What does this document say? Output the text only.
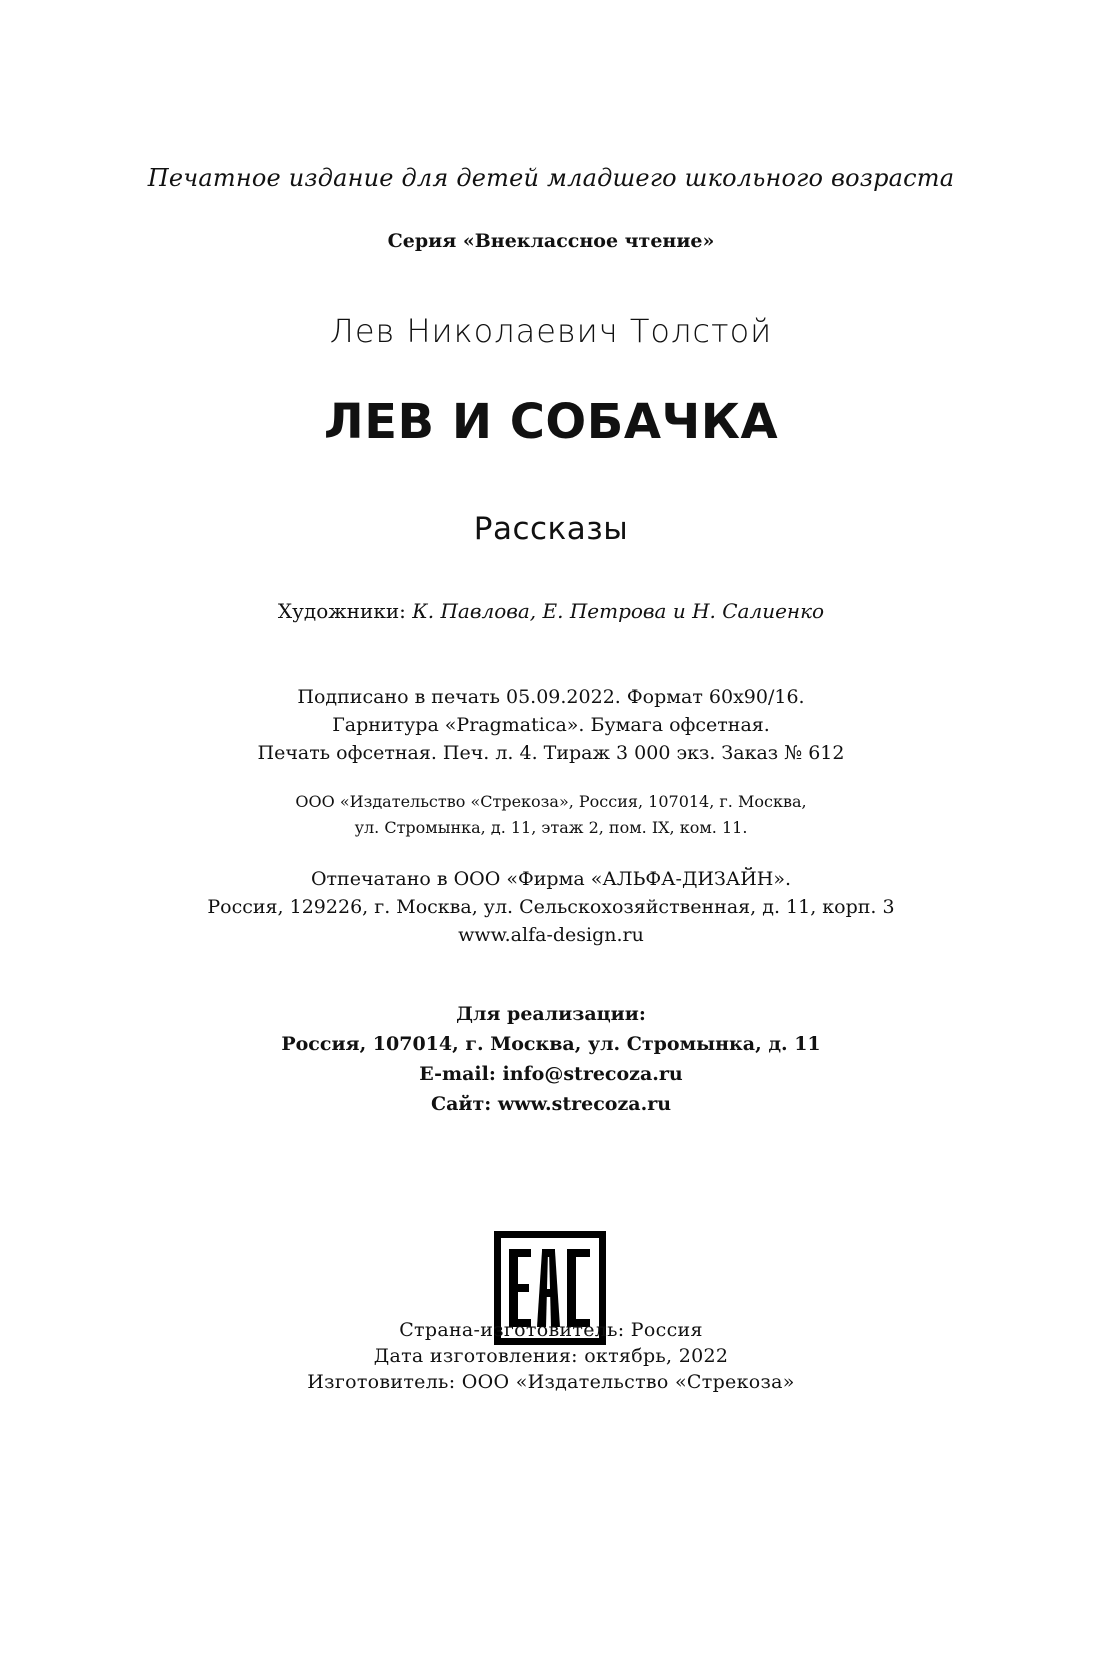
Печатное издание для детей младшего школьного возраста
Серия «Внеклассное чтение»
Лев Николаевич Толстой
ЛЕВ И СОБАЧКА
Рассказы
Художники: К. Павлова, Е. Петрова и Н. Салиенко
Подписано в печать 05.09.2022. Формат 60х90/16.
Гарнитура «Pragmatica». Бумага офсетная.
Печать офсетная. Печ. л. 4. Тираж 3 000 экз. Заказ № 612
ООО «Издательство «Стрекоза», Россия, 107014, г. Москва,
ул. Стромынка, д. 11, этаж 2, пом. IX, ком. 11.
Отпечатано в ООО «Фирма «АЛЬФА-ДИЗАЙН».
Россия, 129226, г. Москва, ул. Сельскохозяйственная, д. 11, корп. 3
www.alfa-design.ru
Для реализации:
Россия, 107014, г. Москва, ул. Стромынка, д. 11
E-mail: info@strecoza.ru
Сайт: www.strecoza.ru
Страна-изготовитель: Россия
Дата изготовления: октябрь, 2022
Изготовитель: ООО «Издательство «Стрекоза»
